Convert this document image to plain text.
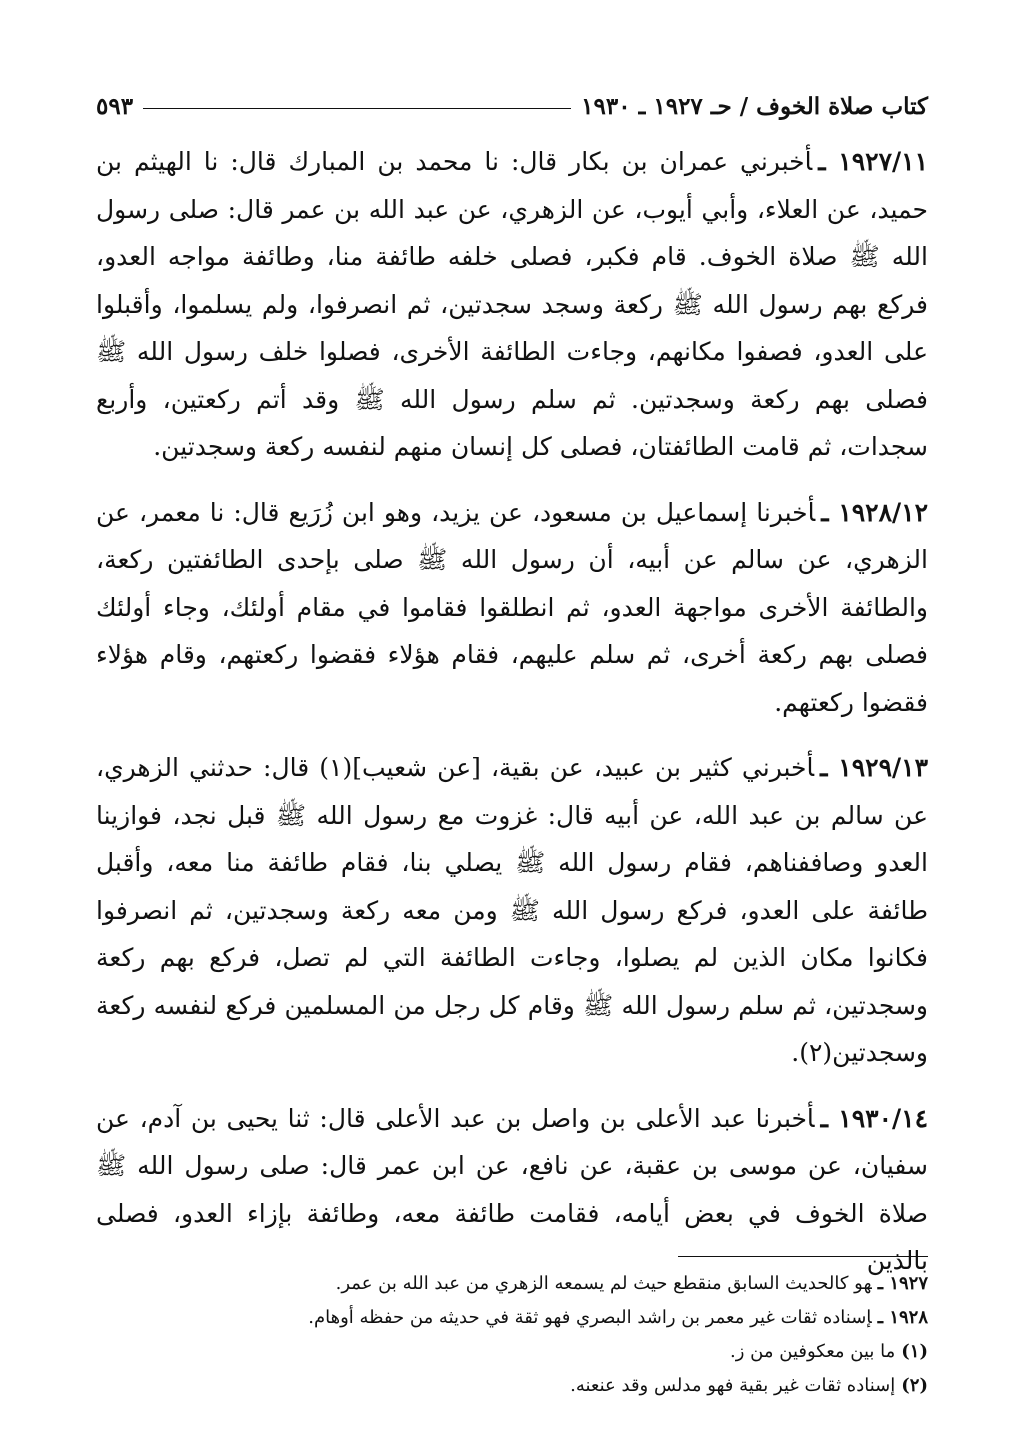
كتاب صلاة الخوف / حـ ١٩٢٧ ـ ١٩٣٠
٥٩٣

١٩٢٧/١١ ـأخبرني عمران بن بكار قال: نا محمد بن المبارك قال: نا الهيثم بن حميد، عن العلاء، وأبي أيوب، عن الزهري، عن عبد الله بن عمر قال: صلى رسول الله ﷺ صلاة الخوف. قام فكبر، فصلى خلفه طائفة منا، وطائفة مواجه العدو، فركع بهم رسول الله ﷺ ركعة وسجد سجدتين، ثم انصرفوا، ولم يسلموا، وأقبلوا على العدو، فصفوا مكانهم، وجاءت الطائفة الأخرى، فصلوا خلف رسول الله ﷺ فصلى بهم ركعة وسجدتين. ثم سلم رسول الله ﷺ وقد أتم ركعتين، وأربع سجدات، ثم قامت الطائفتان، فصلى كل إنسان منهم لنفسه ركعة وسجدتين.

١٩٢٨/١٢ ـأخبرنا إسماعيل بن مسعود، عن يزيد، وهو ابن زُرَيع قال: نا معمر، عن الزهري، عن سالم عن أبيه، أن رسول الله ﷺ صلى بإحدى الطائفتين ركعة، والطائفة الأخرى مواجهة العدو، ثم انطلقوا فقاموا في مقام أولئك، وجاء أولئك فصلى بهم ركعة أخرى، ثم سلم عليهم، فقام هؤلاء فقضوا ركعتهم، وقام هؤلاء فقضوا ركعتهم.

١٩٢٩/١٣ ـأخبرني كثير بن عبيد، عن بقية، [عن شعيب](١) قال: حدثني الزهري، عن سالم بن عبد الله، عن أبيه قال: غزوت مع رسول الله ﷺ قبل نجد، فوازينا العدو وصاففناهم، فقام رسول الله ﷺ يصلي بنا، فقام طائفة منا معه، وأقبل طائفة على العدو، فركع رسول الله ﷺ ومن معه ركعة وسجدتين، ثم انصرفوا فكانوا مكان الذين لم يصلوا، وجاءت الطائفة التي لم تصل، فركع بهم ركعة وسجدتين، ثم سلم رسول الله ﷺ وقام كل رجل من المسلمين فركع لنفسه ركعة وسجدتين(٢).

١٩٣٠/١٤ ـأخبرنا عبد الأعلى بن واصل بن عبد الأعلى قال: ثنا يحيى بن آدم، عن سفيان، عن موسى بن عقبة، عن نافع، عن ابن عمر قال: صلى رسول الله ﷺ صلاة الخوف في بعض أيامه، فقامت طائفة معه، وطائفة بإزاء العدو، فصلى بالذين

١٩٢٧ ـهو كالحديث السابق منقطع حيث لم يسمعه الزهري من عبد الله بن عمر.

١٩٢٨ ـإسناده ثقات غير معمر بن راشد البصري فهو ثقة في حديثه من حفظه أوهام.

(١)ما بين معكوفين من ز.

(٢)إسناده ثقات غير بقية فهو مدلس وقد عنعنه.
